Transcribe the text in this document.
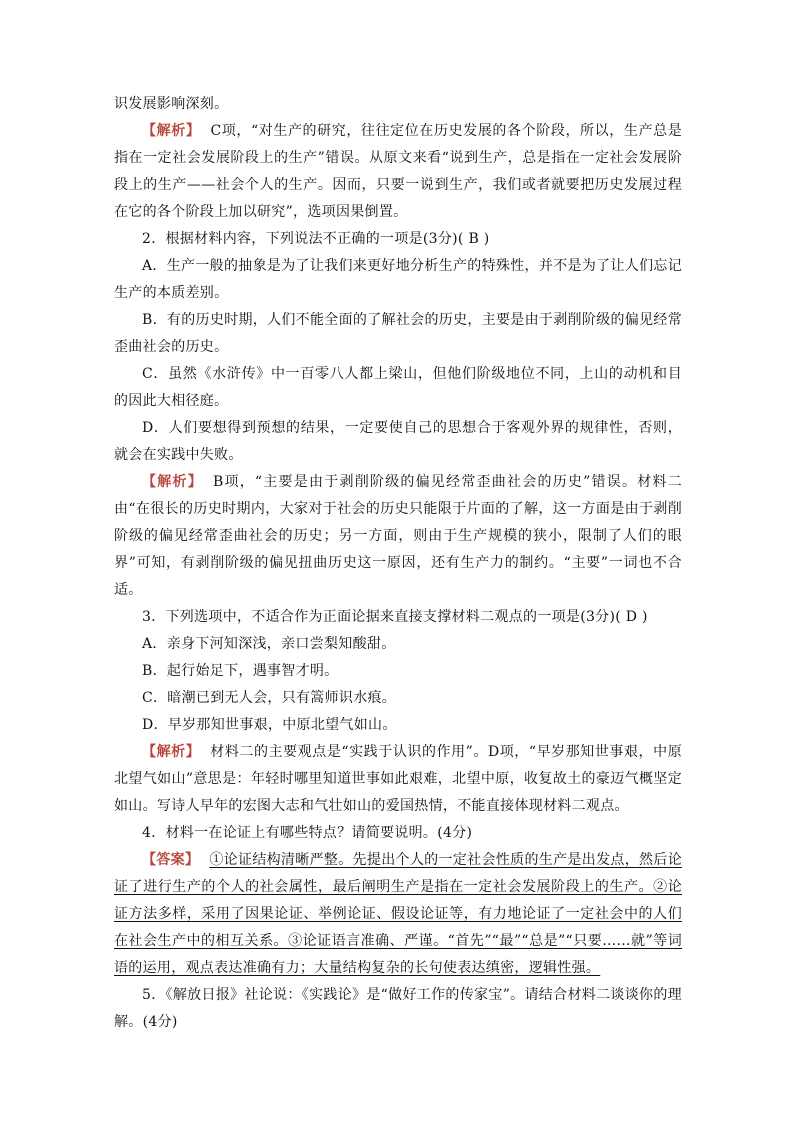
识发展影响深刻。

【解析】 C项，“对生产的研究，往往定位在历史发展的各个阶段，所以，生产总是指在一定社会发展阶段上的生产”错误。从原文来看“说到生产，总是指在一定社会发展阶段上的生产——社会个人的生产。因而，只要一说到生产，我们或者就要把历史发展过程在它的各个阶段上加以研究”，选项因果倒置。

2．根据材料内容，下列说法不正确的一项是(3分)( B )

A．生产一般的抽象是为了让我们来更好地分析生产的特殊性，并不是为了让人们忘记生产的本质差别。

B．有的历史时期，人们不能全面的了解社会的历史，主要是由于剥削阶级的偏见经常歪曲社会的历史。

C．虽然《水浒传》中一百零八人都上梁山，但他们阶级地位不同，上山的动机和目的因此大相径庭。

D．人们要想得到预想的结果，一定要使自己的思想合于客观外界的规律性，否则，就会在实践中失败。

【解析】 B项，“主要是由于剥削阶级的偏见经常歪曲社会的历史”错误。材料二由“在很长的历史时期内，大家对于社会的历史只能限于片面的了解，这一方面是由于剥削阶级的偏见经常歪曲社会的历史；另一方面，则由于生产规模的狭小，限制了人们的眼界”可知，有剥削阶级的偏见扭曲历史这一原因，还有生产力的制约。“主要”一词也不合适。

3．下列选项中，不适合作为正面论据来直接支撑材料二观点的一项是(3分)( D )

A．亲身下河知深浅，亲口尝梨知酸甜。

B．起行始足下，遇事智才明。

C．暗潮已到无人会，只有篙师识水痕。

D．早岁那知世事艰，中原北望气如山。

【解析】 材料二的主要观点是“实践于认识的作用”。D项，“早岁那知世事艰，中原北望气如山”意思是：年轻时哪里知道世事如此艰难，北望中原，收复故土的豪迈气概坚定如山。写诗人早年的宏图大志和气壮如山的爱国热情，不能直接体现材料二观点。

4．材料一在论证上有哪些特点？请简要说明。(4分)

【答案】 ①论证结构清晰严整。先提出个人的一定社会性质的生产是出发点，然后论证了进行生产的个人的社会属性，最后阐明生产是指在一定社会发展阶段上的生产。②论证方法多样，采用了因果论证、举例论证、假设论证等，有力地论证了一定社会中的人们在社会生产中的相互关系。③论证语言准确、严谨。“首先”“最”“总是”“只要……就”等词语的运用，观点表达准确有力；大量结构复杂的长句使表达缜密，逻辑性强。

5．《解放日报》社论说：《实践论》是“做好工作的传家宝”。请结合材料二谈谈你的理解。(4分)
